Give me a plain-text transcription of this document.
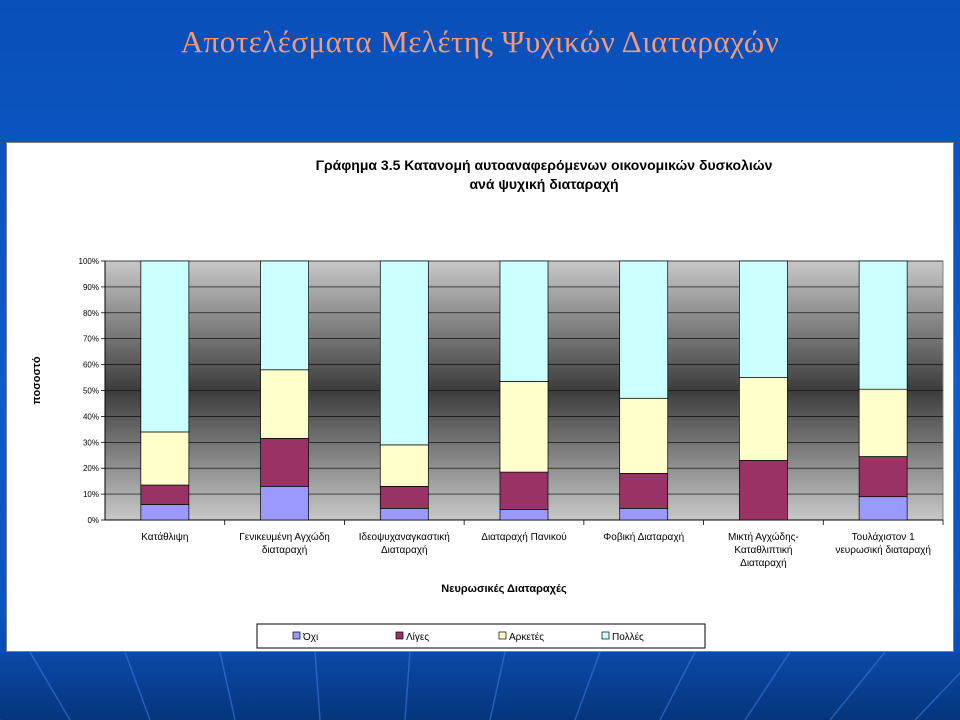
Αποτελέσματα Μελέτης Ψυχικών Διαταραχών
Γράφημα 3.5 Κατανομή αυτοαναφερόμενων οικονομικών δυσκολιών
ανά ψυχική διαταραχή
0%
10%
20%
30%
40%
50%
60%
70%
80%
90%
100%
Κατάθλιψη	Γενικευμένη Αγχώδη
διαταραχή
Ιδεοψυχαναγκαστική
Διαταραχή
Διαταραχή Πανικού	Φοβική Διαταραχή	Μικτή Αγχώδης-
Καταθλιπτική
Διαταραχή
Τουλάχιστον 1
νευρωσική διαταραχή
Νευρωσικές Διαταραχές
ποσοστό
Όχι	Λίγες	Αρκετές	Πολλές
